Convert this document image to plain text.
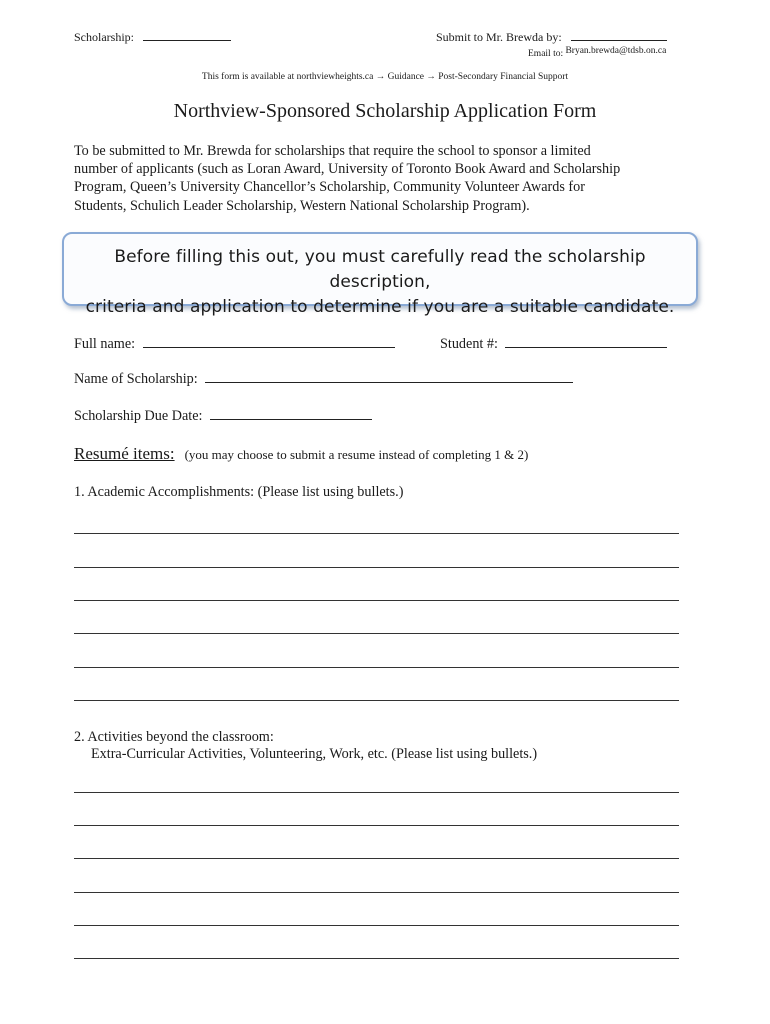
Scholarship:	Submit to Mr. Brewda by:
Email to: Bryan.brewda@tdsb.on.ca
This form is available at northviewheights.ca → Guidance → Post-Secondary Financial Support
Northview-Sponsored Scholarship Application Form
To be submitted to Mr. Brewda for scholarships that require the school to sponsor a limited
number of applicants (such as Loran Award, University of Toronto Book Award and Scholarship
Program, Queen’s University Chancellor’s Scholarship, Community Volunteer Awards for
Students, Schulich Leader Scholarship, Western National Scholarship Program).
Before filling this out, you must carefully read the scholarship description,
criteria and application to determine if you are a suitable candidate.
Full name:	Student #:
Name of Scholarship:
Scholarship Due Date:
Resumé items: (you may choose to submit a resume instead of completing 1 & 2)
1. Academic Accomplishments: (Please list using bullets.)
2. Activities beyond the classroom:
Extra-Curricular Activities, Volunteering, Work, etc. (Please list using bullets.)
